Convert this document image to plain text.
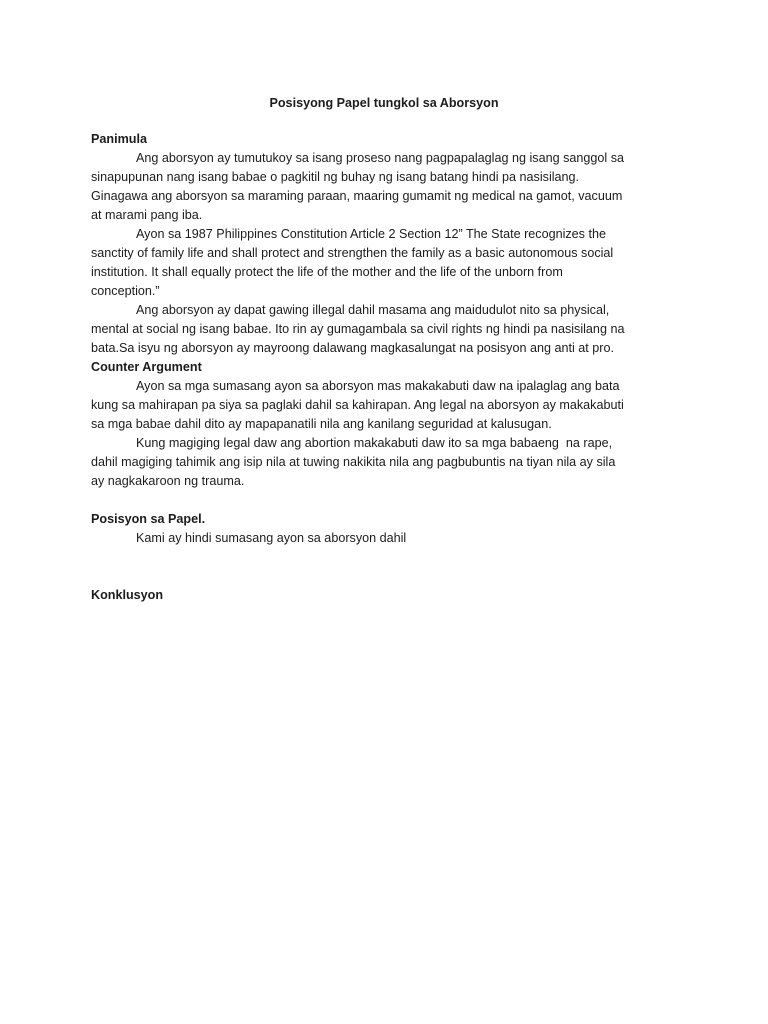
Posisyong Papel tungkol sa Aborsyon
Panimula
Ang aborsyon ay tumutukoy sa isang proseso nang pagpapalaglag ng isang sanggol sa
sinapupunan nang isang babae o pagkitil ng buhay ng isang batang hindi pa nasisilang.
Ginagawa ang aborsyon sa maraming paraan, maaring gumamit ng medical na gamot, vacuum
at marami pang iba.
Ayon sa 1987 Philippines Constitution Article 2 Section 12” The State recognizes the
sanctity of family life and shall protect and strengthen the family as a basic autonomous social
institution. It shall equally protect the life of the mother and the life of the unborn from
conception.”
Ang aborsyon ay dapat gawing illegal dahil masama ang maidudulot nito sa physical,
mental at social ng isang babae. Ito rin ay gumagambala sa civil rights ng hindi pa nasisilang na
bata.Sa isyu ng aborsyon ay mayroong dalawang magkasalungat na posisyon ang anti at pro.
Counter Argument
Ayon sa mga sumasang ayon sa aborsyon mas makakabuti daw na ipalaglag ang bata
kung sa mahirapan pa siya sa paglaki dahil sa kahirapan. Ang legal na aborsyon ay makakabuti
sa mga babae dahil dito ay mapapanatili nila ang kanilang seguridad at kalusugan.
Kung magiging legal daw ang abortion makakabuti daw ito sa mga babaeng  na rape,
dahil magiging tahimik ang isip nila at tuwing nakikita nila ang pagbubuntis na tiyan nila ay sila
ay nagkakaroon ng trauma.
Posisyon sa Papel.
Kami ay hindi sumasang ayon sa aborsyon dahil
Konklusyon
